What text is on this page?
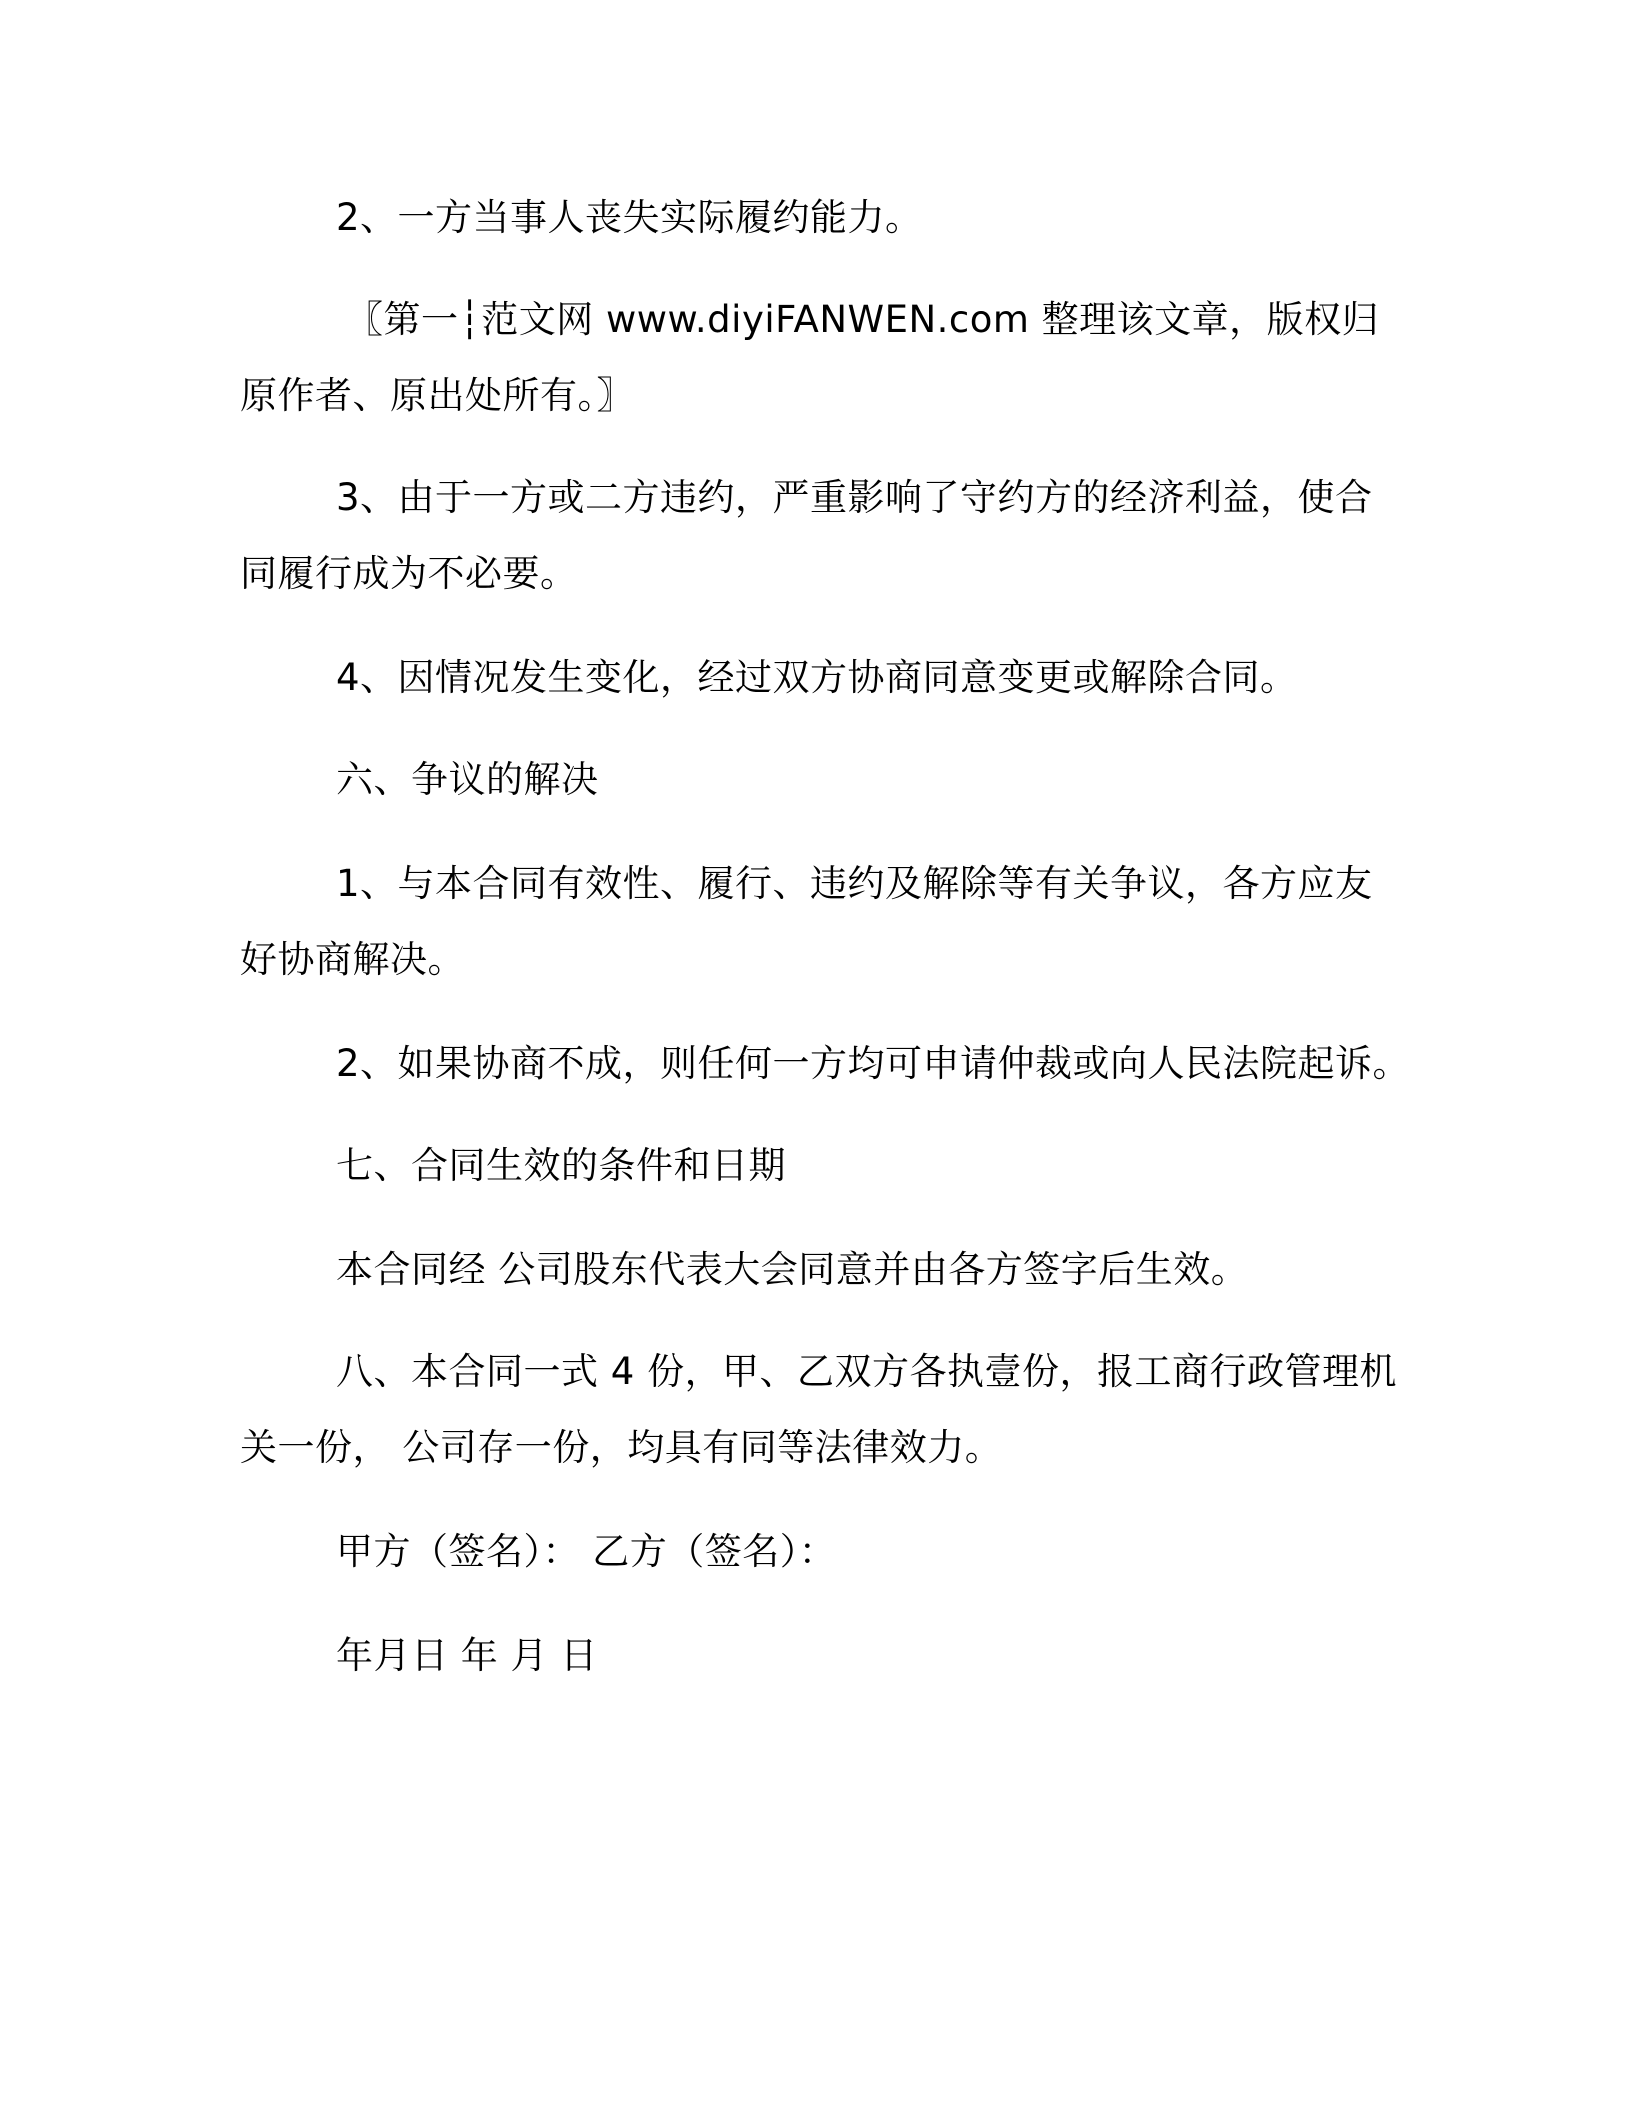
2、一方当事人丧失实际履约能力。
〖第一┆范文网 www.diyiFANWEN.com 整理该文章，版权归
原作者、原出处所有。〗
3、由于一方或二方违约，严重影响了守约方的经济利益，使合
同履行成为不必要。
4、因情况发生变化，经过双方协商同意变更或解除合同。
六、争议的解决
1、与本合同有效性、履行、违约及解除等有关争议，各方应友
好协商解决。
2、如果协商不成，则任何一方均可申请仲裁或向人民法院起诉。
七、合同生效的条件和日期
本合同经 公司股东代表大会同意并由各方签字后生效。
八、本合同一式 4 份，甲、乙双方各执壹份，报工商行政管理机
关一份， 公司存一份，均具有同等法律效力。
甲方（签名）： 乙方（签名）：
年月日 年 月 日
